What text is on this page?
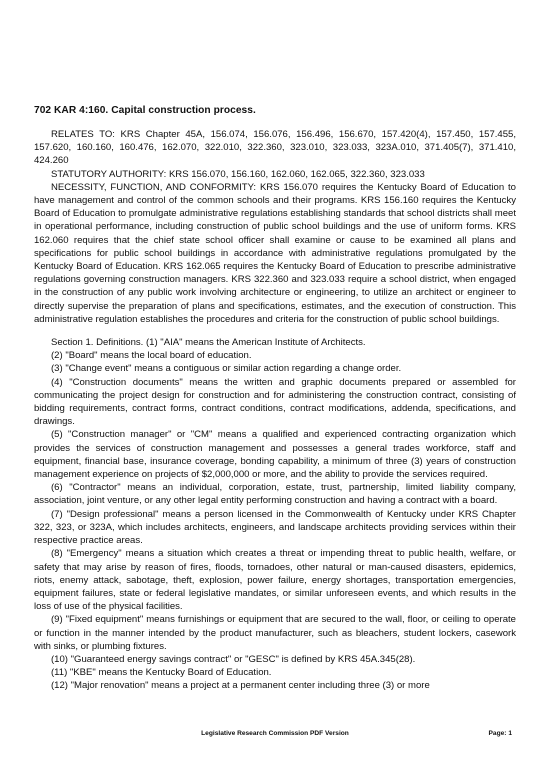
702 KAR 4:160. Capital construction process.

RELATES TO: KRS Chapter 45A, 156.074, 156.076, 156.496, 156.670, 157.420(4), 157.450, 157.455, 157.620, 160.160, 160.476, 162.070, 322.010, 322.360, 323.010, 323.033, 323A.010, 371.405(7), 371.410, 424.260

STATUTORY AUTHORITY: KRS 156.070, 156.160, 162.060, 162.065, 322.360, 323.033

NECESSITY, FUNCTION, AND CONFORMITY: KRS 156.070 requires the Kentucky Board of Education to have management and control of the common schools and their programs. KRS 156.160 requires the Kentucky Board of Education to promulgate administrative regulations establishing standards that school districts shall meet in operational performance, including construction of public school buildings and the use of uniform forms. KRS 162.060 requires that the chief state school officer shall examine or cause to be examined all plans and specifications for public school buildings in accordance with administrative regulations promulgated by the Kentucky Board of Education. KRS 162.065 requires the Kentucky Board of Education to prescribe administrative regulations governing construction managers. KRS 322.360 and 323.033 require a school district, when engaged in the construction of any public work involving architecture or engineering, to utilize an architect or engineer to directly supervise the preparation of plans and specifications, estimates, and the execution of construction. This administrative regulation establishes the procedures and criteria for the construction of public school buildings.

Section 1. Definitions. (1) "AIA" means the American Institute of Architects.

(2) "Board" means the local board of education.

(3) "Change event" means a contiguous or similar action regarding a change order.

(4) "Construction documents" means the written and graphic documents prepared or assembled for communicating the project design for construction and for administering the construction contract, consisting of bidding requirements, contract forms, contract conditions, contract modifications, addenda, specifications, and drawings.

(5) "Construction manager" or "CM" means a qualified and experienced contracting organization which provides the services of construction management and possesses a general trades workforce, staff and equipment, financial base, insurance coverage, bonding capability, a minimum of three (3) years of construction management experience on projects of $2,000,000 or more, and the ability to provide the services required.

(6) "Contractor" means an individual, corporation, estate, trust, partnership, limited liability company, association, joint venture, or any other legal entity performing construction and having a contract with a board.

(7) "Design professional" means a person licensed in the Commonwealth of Kentucky under KRS Chapter 322, 323, or 323A, which includes architects, engineers, and landscape architects providing services within their respective practice areas.

(8) "Emergency" means a situation which creates a threat or impending threat to public health, welfare, or safety that may arise by reason of fires, floods, tornadoes, other natural or man-caused disasters, epidemics, riots, enemy attack, sabotage, theft, explosion, power failure, energy shortages, transportation emergencies, equipment failures, state or federal legislative mandates, or similar unforeseen events, and which results in the loss of use of the physical facilities.

(9) "Fixed equipment" means furnishings or equipment that are secured to the wall, floor, or ceiling to operate or function in the manner intended by the product manufacturer, such as bleachers, student lockers, casework with sinks, or plumbing fixtures.

(10) "Guaranteed energy savings contract" or "GESC" is defined by KRS 45A.345(28).

(11) "KBE" means the Kentucky Board of Education.

(12) "Major renovation" means a project at a permanent center including three (3) or more

Legislative Research Commission PDF Version	Page: 1
